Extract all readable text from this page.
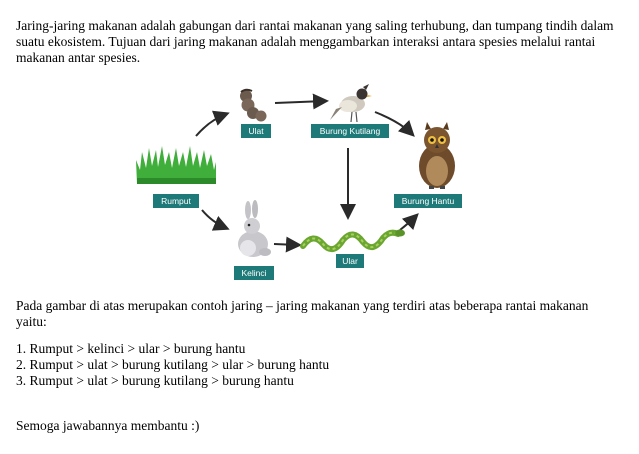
Jaring-jaring makanan adalah gabungan dari rantai makanan yang saling terhubung, dan tumpang tindih dalam suatu ekosistem. Tujuan dari jaring makanan adalah menggambarkan interaksi antara spesies melalui rantai makanan antar spesies.
Ulat	Burung Kutilang
Rumput	Burung Hantu
Kelinci
Ular
Pada gambar di atas merupakan contoh jaring – jaring makanan yang terdiri atas beberapa rantai makanan yaitu:
1. Rumput > kelinci > ular > burung hantu
2. Rumput > ulat > burung kutilang > ular > burung hantu
3. Rumput > ulat > burung kutilang > burung hantu
Semoga jawabannya membantu :)
